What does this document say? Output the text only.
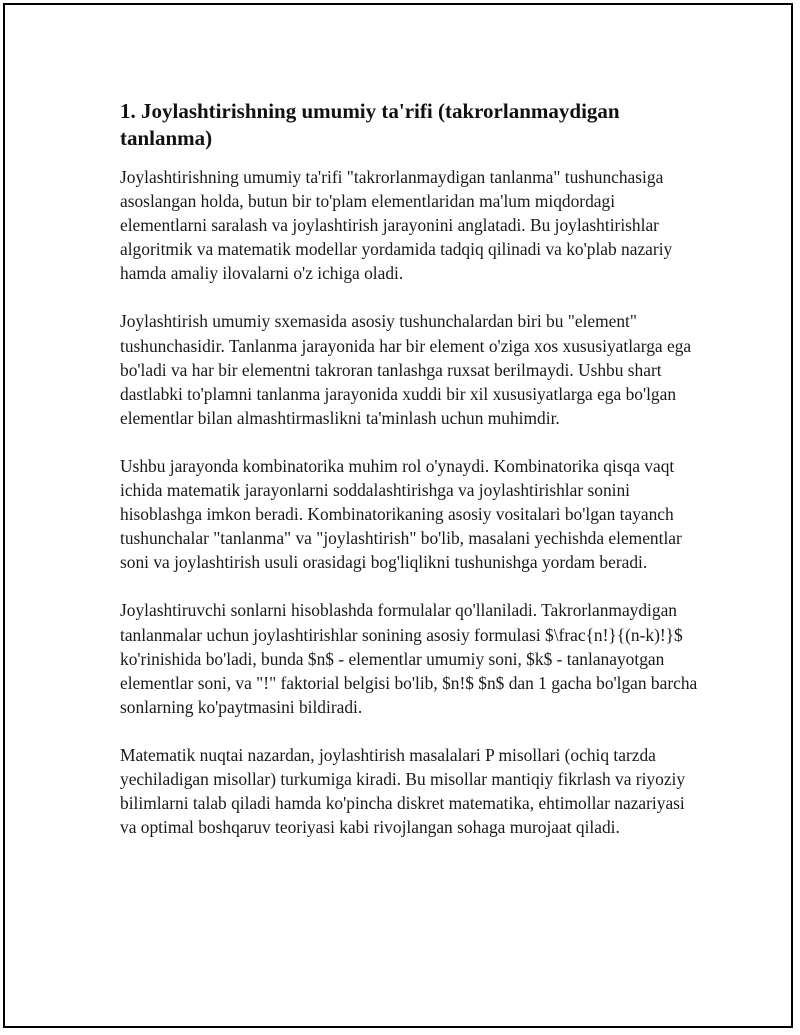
1. Joylashtirishning umumiy ta'rifi (takrorlanmaydigan tanlanma)

Joylashtirishning umumiy ta'rifi "takrorlanmaydigan tanlanma" tushunchasiga asoslangan holda, butun bir to'plam elementlaridan ma'lum miqdordagi elementlarni saralash va joylashtirish jarayonini anglatadi. Bu joylashtirishlar algoritmik va matematik modellar yordamida tadqiq qilinadi va ko'plab nazariy hamda amaliy ilovalarni o'z ichiga oladi.

Joylashtirish umumiy sxemasida asosiy tushunchalardan biri bu "element" tushunchasidir. Tanlanma jarayonida har bir element o'ziga xos xususiyatlarga ega bo'ladi va har bir elementni takroran tanlashga ruxsat berilmaydi. Ushbu shart dastlabki to'plamni tanlanma jarayonida xuddi bir xil xususiyatlarga ega bo'lgan elementlar bilan almashtirmaslikni ta'minlash uchun muhimdir.

Ushbu jarayonda kombinatorika muhim rol o'ynaydi. Kombinatorika qisqa vaqt ichida matematik jarayonlarni soddalashtirishga va joylashtirishlar sonini hisoblashga imkon beradi. Kombinatorikaning asosiy vositalari bo'lgan tayanch tushunchalar "tanlanma" va "joylashtirish" bo'lib, masalani yechishda elementlar soni va joylashtirish usuli orasidagi bog'liqlikni tushunishga yordam beradi.

Joylashtiruvchi sonlarni hisoblashda formulalar qo'llaniladi. Takrorlanmaydigan tanlanmalar uchun joylashtirishlar sonining asosiy formulasi $\frac{n!}{(n-k)!}$ ko'rinishida bo'ladi, bunda $n$ - elementlar umumiy soni, $k$ - tanlanayotgan elementlar soni, va "!" faktorial belgisi bo'lib, $n!$ $n$ dan 1 gacha bo'lgan barcha sonlarning ko'paytmasini bildiradi.

Matematik nuqtai nazardan, joylashtirish masalalari P misollari (ochiq tarzda yechiladigan misollar) turkumiga kiradi. Bu misollar mantiqiy fikrlash va riyoziy bilimlarni talab qiladi hamda ko'pincha diskret matematika, ehtimollar nazariyasi va optimal boshqaruv teoriyasi kabi rivojlangan sohaga murojaat qiladi.
